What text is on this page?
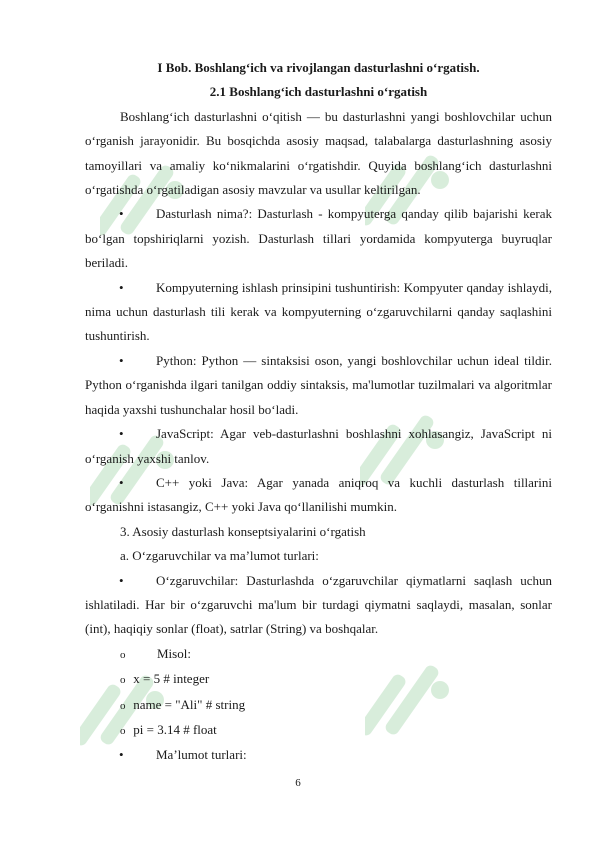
I Bob. Boshlang‘ich va rivojlangan dasturlashni o‘rgatish.

2.1 Boshlang‘ich dasturlashni o‘rgatish

Boshlang‘ich dasturlashni o‘qitish — bu dasturlashni yangi boshlovchilar uchun o‘rganish jarayonidir. Bu bosqichda asosiy maqsad, talabalarga dasturlashning asosiy tamoyillari va amaliy ko‘nikmalarini o‘rgatishdir. Quyida boshlang‘ich dasturlashni o‘rgatishda o‘rgatiladigan asosiy mavzular va usullar keltirilgan.

• Dasturlash nima?: Dasturlash - kompyuterga qanday qilib bajarishi kerak bo‘lgan topshiriqlarni yozish. Dasturlash tillari yordamida kompyuterga buyruqlar beriladi.

• Kompyuterning ishlash prinsipini tushuntirish: Kompyuter qanday ishlaydi, nima uchun dasturlash tili kerak va kompyuterning o‘zgaruvchilarni qanday saqlashini tushuntirish.

• Python: Python — sintaksisi oson, yangi boshlovchilar uchun ideal tildir. Python o‘rganishda ilgari tanilgan oddiy sintaksis, ma'lumotlar tuzilmalari va algoritmlar haqida yaxshi tushunchalar hosil bo‘ladi.

• JavaScript: Agar veb-dasturlashni boshlashni xohlasangiz, JavaScript ni o‘rganish yaxshi tanlov.

• C++ yoki Java: Agar yanada aniqroq va kuchli dasturlash tillarini o‘rganishni istasangiz, C++ yoki Java qo‘llanilishi mumkin.

3. Asosiy dasturlash konseptsiyalarini o‘rgatish

a. O‘zgaruvchilar va ma’lumot turlari:

• O‘zgaruvchilar: Dasturlashda o‘zgaruvchilar qiymatlarni saqlash uchun ishlatiladi. Har bir o‘zgaruvchi ma'lum bir turdagi qiymatni saqlaydi, masalan, sonlar (int), haqiqiy sonlar (float), satrlar (String) va boshqalar.

o Misol:

o x = 5 # integer

o name = "Ali" # string

o pi = 3.14 # float

• Ma’lumot turlari:

6
